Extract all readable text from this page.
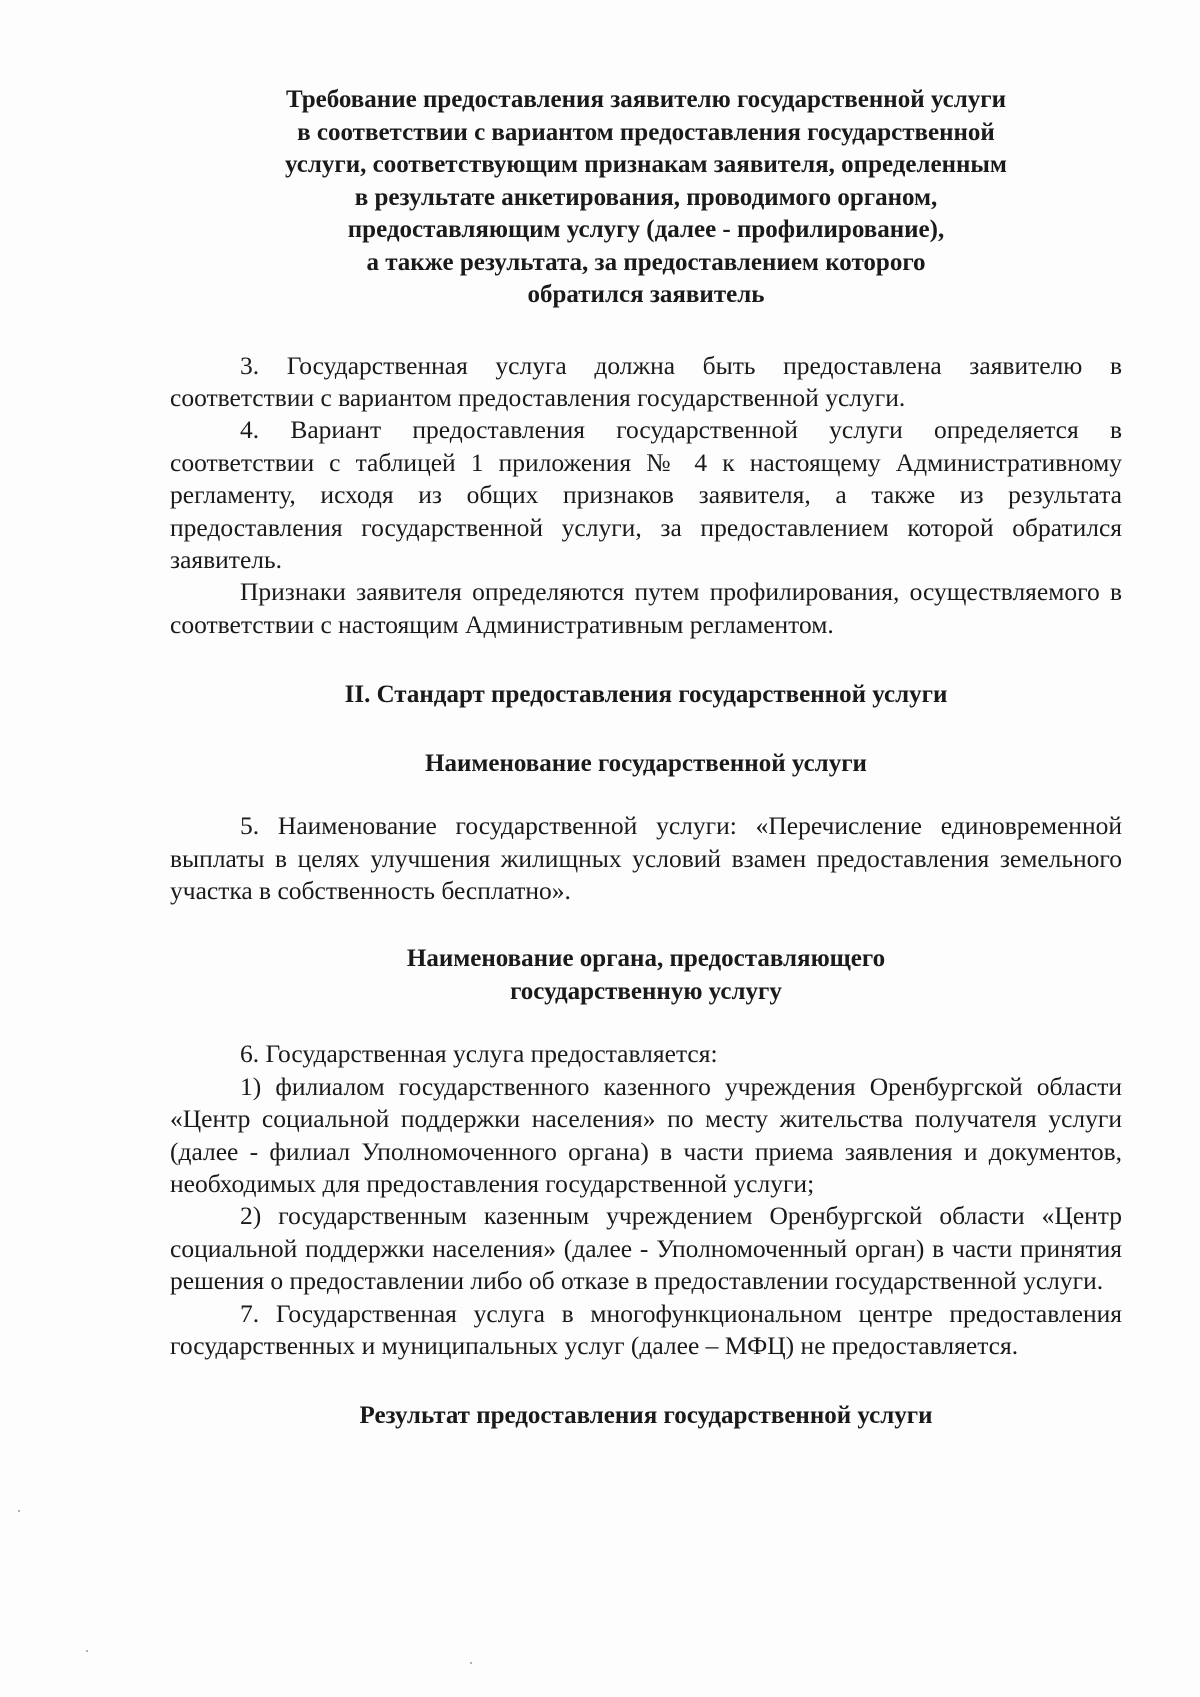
Требование предоставления заявителю государственной услуги
в соответствии с вариантом предоставления государственной
услуги, соответствующим признакам заявителя, определенным
в результате анкетирования, проводимого органом,
предоставляющим услугу (далее - профилирование),
а также результата, за предоставлением которого
обратился заявитель

3. Государственная услуга должна быть предоставлена заявителю в соответствии с вариантом предоставления государственной услуги.

4. Вариант предоставления государственной услуги определяется в соответствии с таблицей 1 приложения № 4 к настоящему Административному регламенту, исходя из общих признаков заявителя, а также из результата предоставления государственной услуги, за предоставлением которой обратился заявитель.

Признаки заявителя определяются путем профилирования, осуществляемого в соответствии с настоящим Административным регламентом.

II. Стандарт предоставления государственной услуги
Наименование государственной услуги

5. Наименование государственной услуги: «Перечисление единовременной выплаты в целях улучшения жилищных условий взамен предоставления земельного участка в собственность бесплатно».

Наименование органа, предоставляющего
государственную услугу

6. Государственная услуга предоставляется:

1) филиалом государственного казенного учреждения Оренбургской области «Центр социальной поддержки населения» по месту жительства получателя услуги (далее - филиал Уполномоченного органа) в части приема заявления и документов, необходимых для предоставления государственной услуги;

2) государственным казенным учреждением Оренбургской области «Центр социальной поддержки населения» (далее - Уполномоченный орган) в части принятия решения о предоставлении либо об отказе в предоставлении государственной услуги.

7. Государственная услуга в многофункциональном центре предоставления государственных и муниципальных услуг (далее – МФЦ) не предоставляется.

Результат предоставления государственной услуги
